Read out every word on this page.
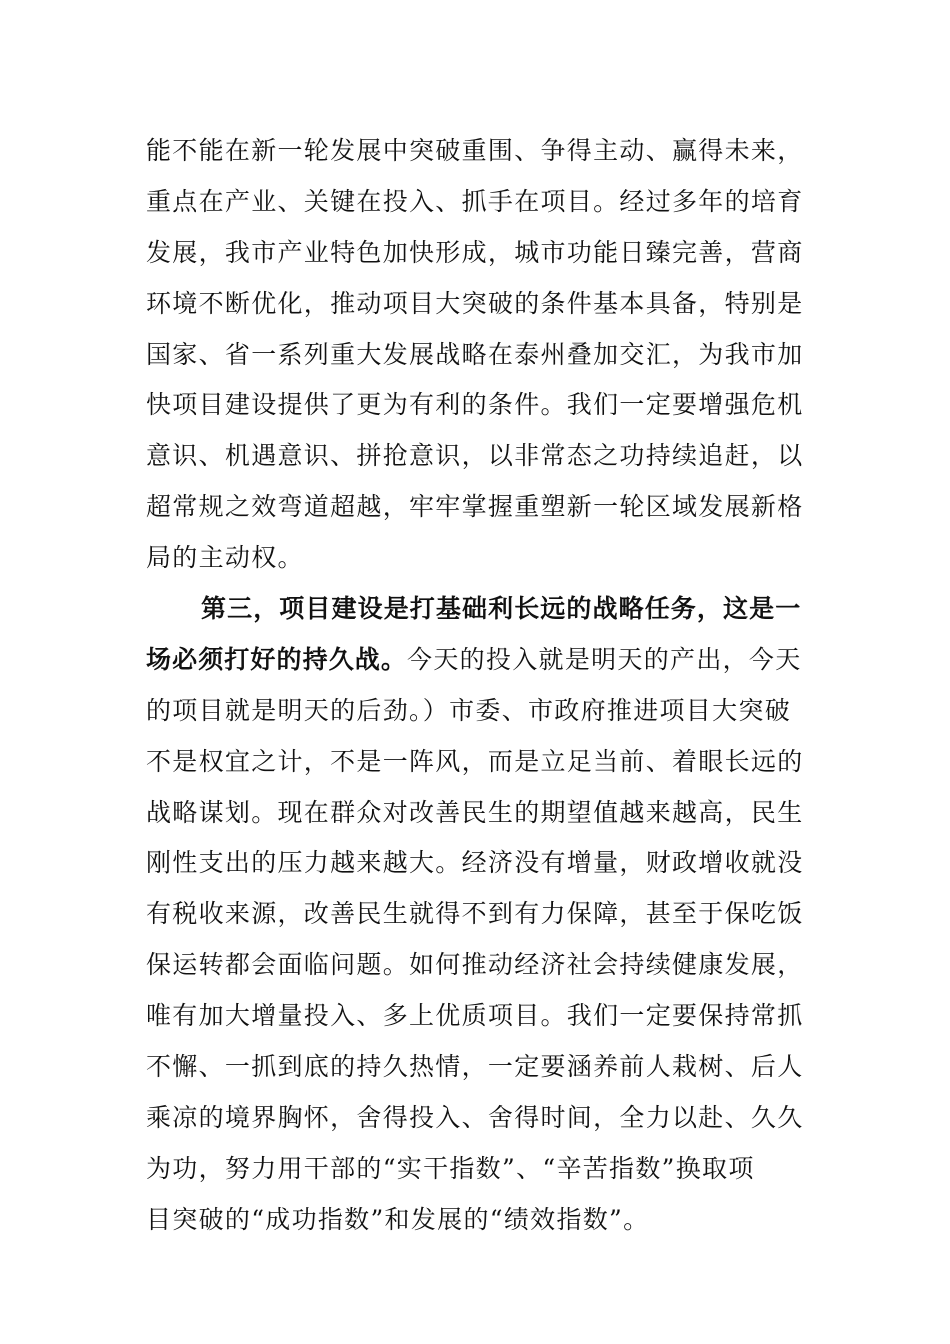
能不能在新一轮发展中突破重围、争得主动、赢得未来，
重点在产业、关键在投入、抓手在项目。经过多年的培育
发展，我市产业特色加快形成，城市功能日臻完善，营商
环境不断优化，推动项目大突破的条件基本具备，特别是
国家、省一系列重大发展战略在泰州叠加交汇，为我市加
快项目建设提供了更为有利的条件。我们一定要增强危机
意识、机遇意识、拼抢意识，以非常态之功持续追赶，以
超常规之效弯道超越，牢牢掌握重塑新一轮区域发展新格
局的主动权。
第三，项目建设是打基础利长远的战略任务，这是一
场必须打好的持久战。今天的投入就是明天的产出，今天
的项目就是明天的后劲。）市委、市政府推进项目大突破
不是权宜之计，不是一阵风，而是立足当前、着眼长远的
战略谋划。现在群众对改善民生的期望值越来越高，民生
刚性支出的压力越来越大。经济没有增量，财政增收就没
有税收来源，改善民生就得不到有力保障，甚至于保吃饭
保运转都会面临问题。如何推动经济社会持续健康发展，
唯有加大增量投入、多上优质项目。我们一定要保持常抓
不懈、一抓到底的持久热情，一定要涵养前人栽树、后人
乘凉的境界胸怀，舍得投入、舍得时间，全力以赴、久久
为功，努力用干部的“实干指数”、“辛苦指数”换取项
目突破的“成功指数”和发展的“绩效指数”。
